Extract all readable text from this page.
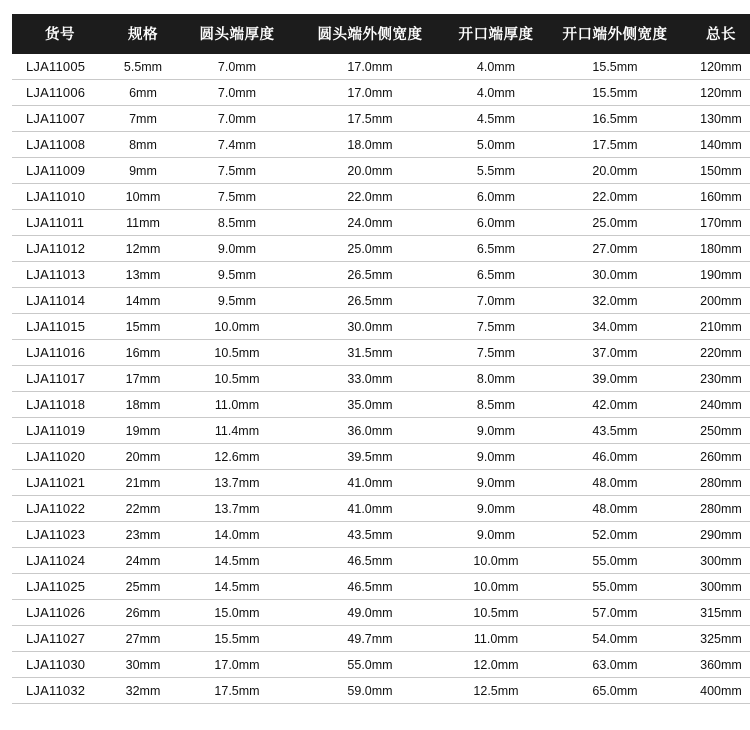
货号	规格	圆头端厚度	圆头端外侧宽度	开口端厚度	开口端外侧宽度	总长
LJA11005	5.5mm	7.0mm	17.0mm	4.0mm	15.5mm	120mm
LJA11006	6mm	7.0mm	17.0mm	4.0mm	15.5mm	120mm
LJA11007	7mm	7.0mm	17.5mm	4.5mm	16.5mm	130mm
LJA11008	8mm	7.4mm	18.0mm	5.0mm	17.5mm	140mm
LJA11009	9mm	7.5mm	20.0mm	5.5mm	20.0mm	150mm
LJA11010	10mm	7.5mm	22.0mm	6.0mm	22.0mm	160mm
LJA11011	11mm	8.5mm	24.0mm	6.0mm	25.0mm	170mm
LJA11012	12mm	9.0mm	25.0mm	6.5mm	27.0mm	180mm
LJA11013	13mm	9.5mm	26.5mm	6.5mm	30.0mm	190mm
LJA11014	14mm	9.5mm	26.5mm	7.0mm	32.0mm	200mm
LJA11015	15mm	10.0mm	30.0mm	7.5mm	34.0mm	210mm
LJA11016	16mm	10.5mm	31.5mm	7.5mm	37.0mm	220mm
LJA11017	17mm	10.5mm	33.0mm	8.0mm	39.0mm	230mm
LJA11018	18mm	11.0mm	35.0mm	8.5mm	42.0mm	240mm
LJA11019	19mm	11.4mm	36.0mm	9.0mm	43.5mm	250mm
LJA11020	20mm	12.6mm	39.5mm	9.0mm	46.0mm	260mm
LJA11021	21mm	13.7mm	41.0mm	9.0mm	48.0mm	280mm
LJA11022	22mm	13.7mm	41.0mm	9.0mm	48.0mm	280mm
LJA11023	23mm	14.0mm	43.5mm	9.0mm	52.0mm	290mm
LJA11024	24mm	14.5mm	46.5mm	10.0mm	55.0mm	300mm
LJA11025	25mm	14.5mm	46.5mm	10.0mm	55.0mm	300mm
LJA11026	26mm	15.0mm	49.0mm	10.5mm	57.0mm	315mm
LJA11027	27mm	15.5mm	49.7mm	11.0mm	54.0mm	325mm
LJA11030	30mm	17.0mm	55.0mm	12.0mm	63.0mm	360mm
LJA11032	32mm	17.5mm	59.0mm	12.5mm	65.0mm	400mm
